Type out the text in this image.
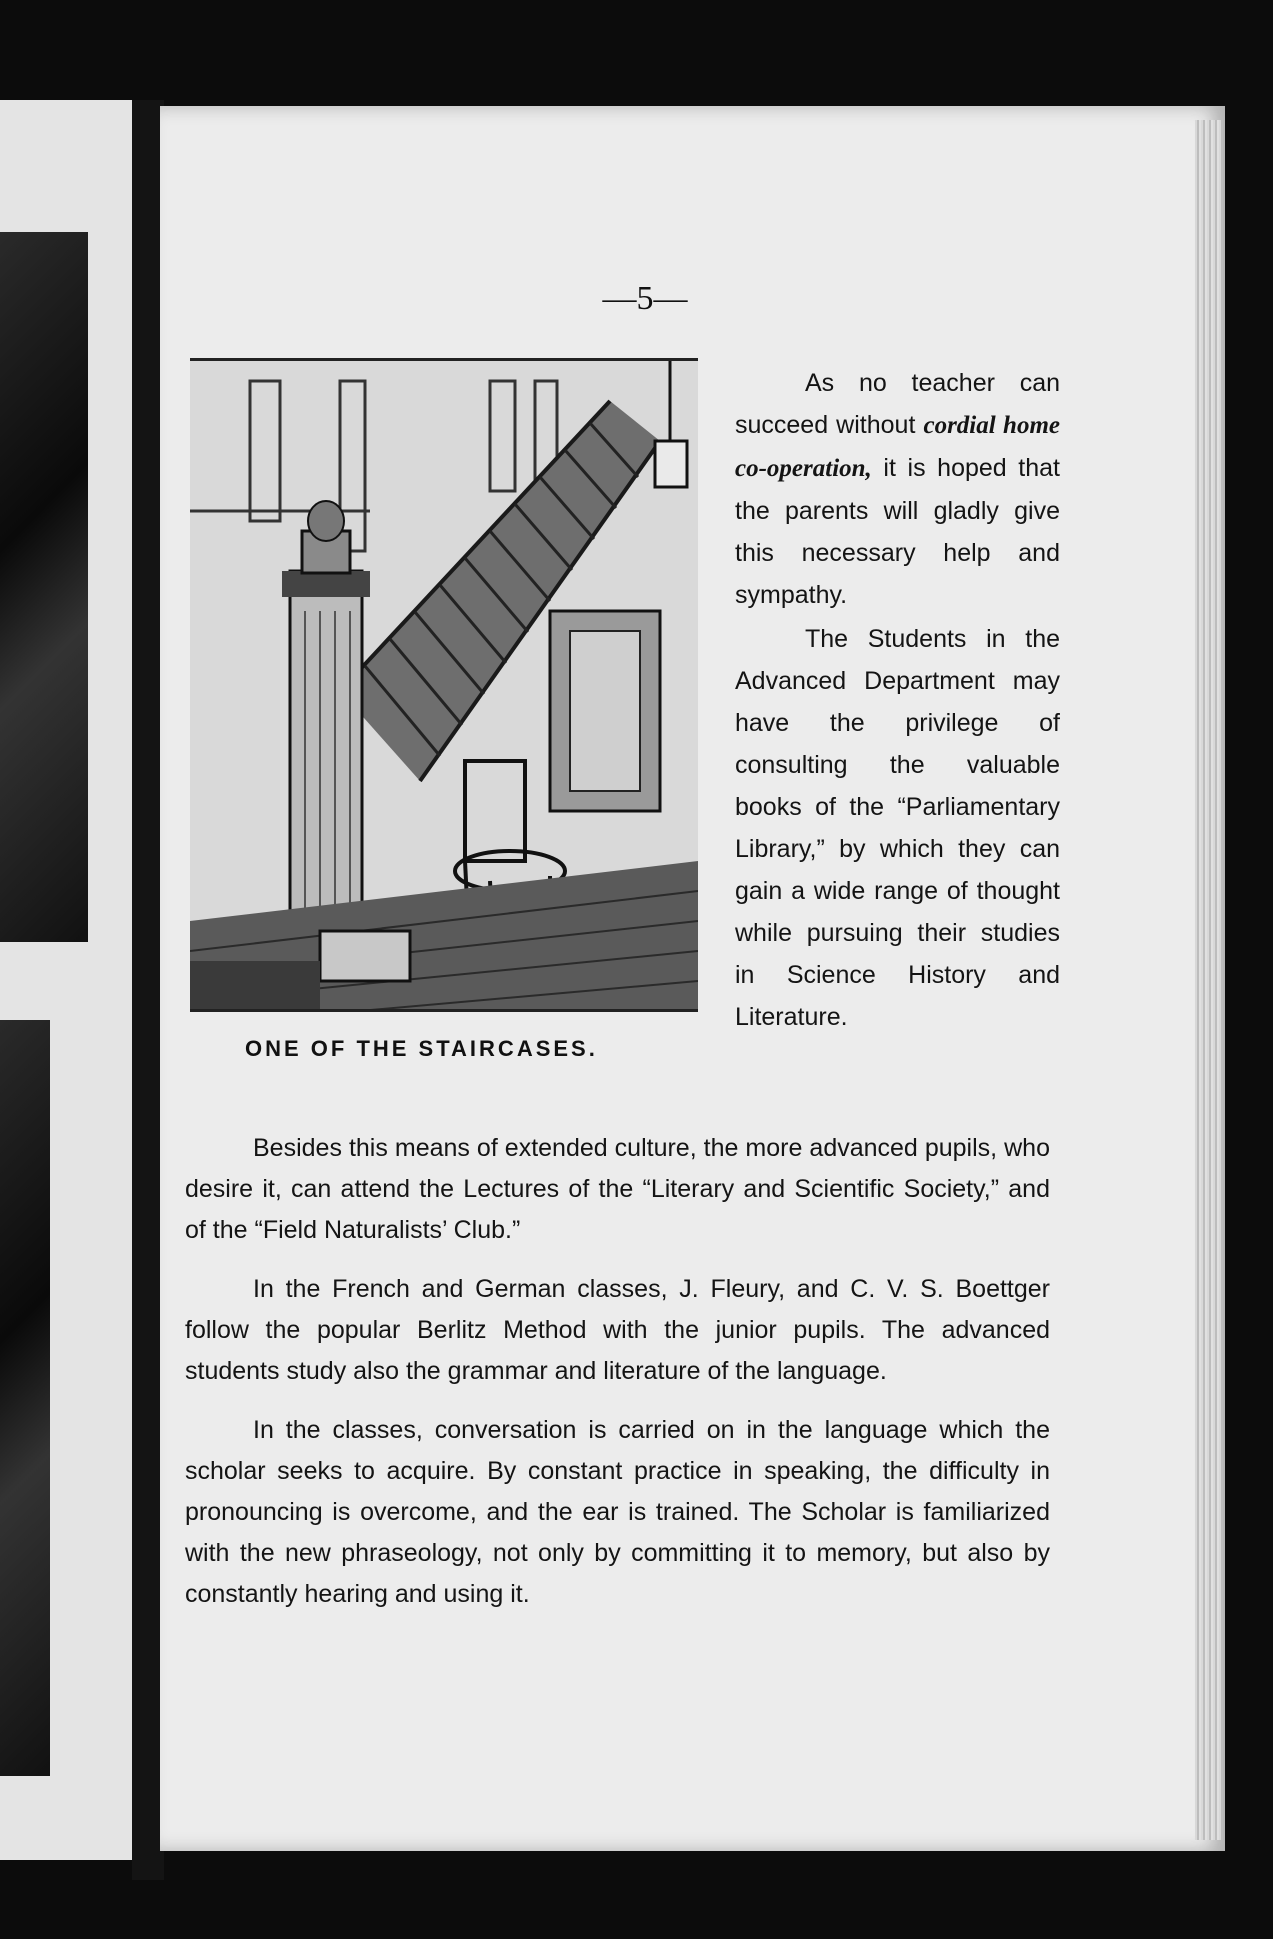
—5—
ONE OF THE STAIRCASES.

As no teacher can succeed without cordial home co-operation, it is hoped that the parents will gladly give this necessary help and sympathy.

The Students in the Advanced Department may have the privilege of consulting the valuable books of the “Parliamentary Library,” by which they can gain a wide range of thought while pursuing their studies in Science History and Literature.

Besides this means of extended culture, the more advanced pupils, who desire it, can attend the Lectures of the “Literary and Scientific Society,” and of the “Field Naturalists’ Club.”

In the French and German classes, J. Fleury, and C. V. S. Boettger follow the popular Berlitz Method with the junior pupils. The advanced students study also the grammar and literature of the language.

In the classes, conversation is carried on in the language which the scholar seeks to acquire. By constant practice in speaking, the difficulty in pronouncing is overcome, and the ear is trained. The Scholar is familiarized with the new phraseology, not only by committing it to memory, but also by constantly hearing and using it.
